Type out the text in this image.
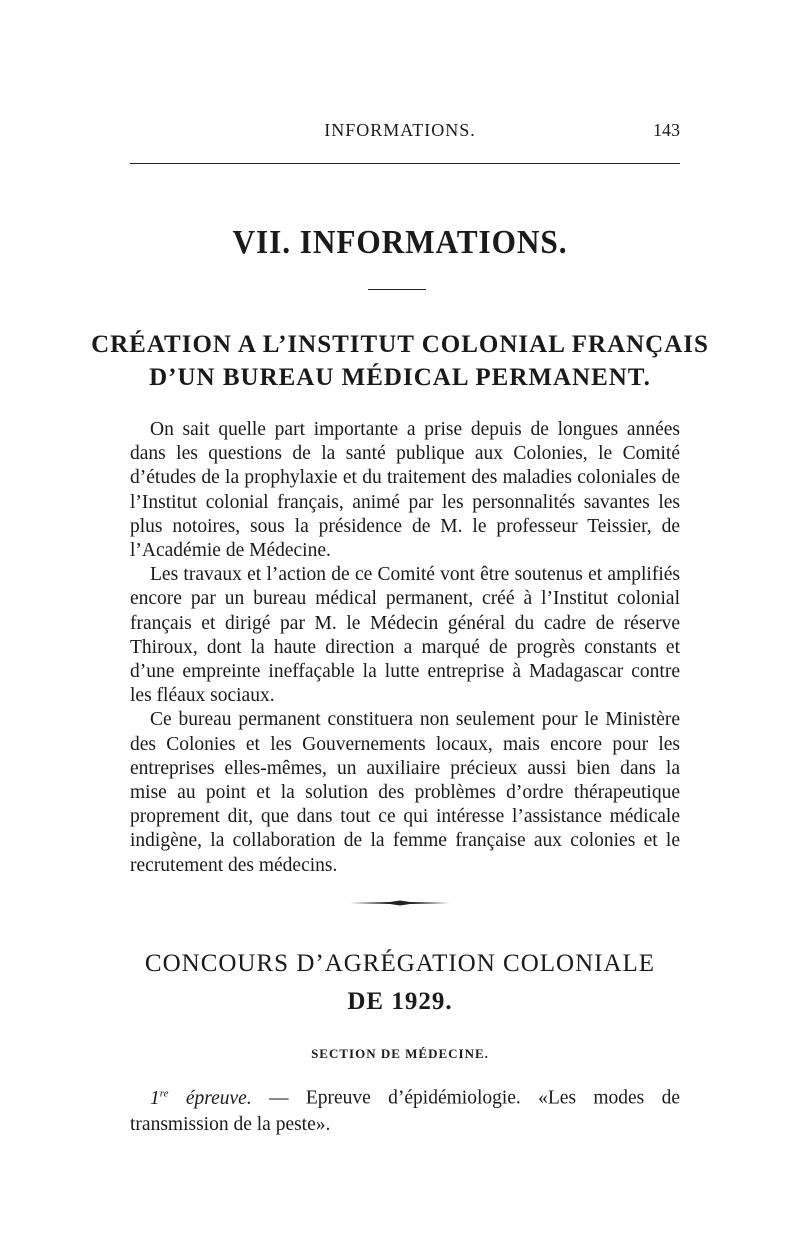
INFORMATIONS.	143
VII. INFORMATIONS.
CRÉATION A L’INSTITUT COLONIAL FRANÇAIS
D’UN BUREAU MÉDICAL PERMANENT.

On sait quelle part importante a prise depuis de longues années dans les questions de la santé publique aux Colonies, le Comité d’études de la prophylaxie et du traitement des maladies coloniales de l’Institut colonial français, animé par les personnalités savantes les plus notoires, sous la présidence de M. le professeur Teissier, de l’Académie de Médecine.

Les travaux et l’action de ce Comité vont être soutenus et amplifiés encore par un bureau médical permanent, créé à l’Institut colonial français et dirigé par M. le Médecin général du cadre de réserve Thiroux, dont la haute direction a marqué de progrès constants et d’une empreinte ineffaçable la lutte entreprise à Madagascar contre les fléaux sociaux.

Ce bureau permanent constituera non seulement pour le Ministère des Colonies et les Gouvernements locaux, mais encore pour les entreprises elles-mêmes, un auxiliaire précieux aussi bien dans la mise au point et la solution des problèmes d’ordre thérapeutique proprement dit, que dans tout ce qui intéresse l’assistance médicale indigène, la collaboration de la femme française aux colonies et le recrutement des médecins.

CONCOURS D’AGRÉGATION COLONIALE
DE 1929.
SECTION DE MÉDECINE.
1re épreuve. — Epreuve d’épidémiologie. «Les modes de transmission de la peste».
